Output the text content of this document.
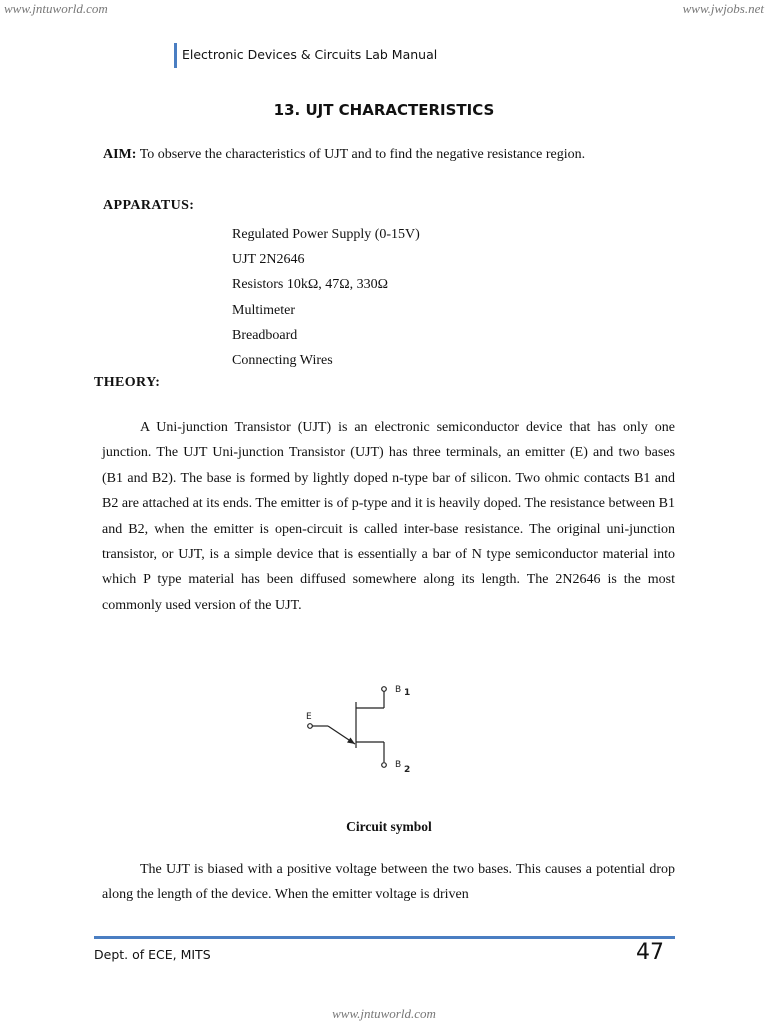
www.jntuworld.com	www.jwjobs.net
Electronic Devices & Circuits Lab Manual
13. UJT CHARACTERISTICS
AIM: To observe the characteristics of UJT and to find the negative resistance region.
APPARATUS:
Regulated Power Supply (0-15V)
UJT 2N2646
Resistors 10kΩ, 47Ω, 330Ω
Multimeter
Breadboard
Connecting Wires
THEORY:

A Uni-junction Transistor (UJT) is an electronic semiconductor device that has only one junction. The UJT Uni-junction Transistor (UJT) has three terminals, an emitter (E) and two bases (B1 and B2). The base is formed by lightly doped n-type bar of silicon. Two ohmic contacts B1 and B2 are attached at its ends. The emitter is of p-type and it is heavily doped. The resistance between B1 and B2, when the emitter is open-circuit is called inter-base resistance. The original uni-junction transistor, or UJT, is a simple device that is essentially a bar of N type semiconductor material into which P type material has been diffused somewhere along its length. The 2N2646 is the most commonly used version of the UJT.

E
B 1
B 2
Circuit symbol

The UJT is biased with a positive voltage between the two bases. This causes a potential drop along the length of the device. When the emitter voltage is driven

Dept. of ECE, MITS	47
www.jntuworld.com
